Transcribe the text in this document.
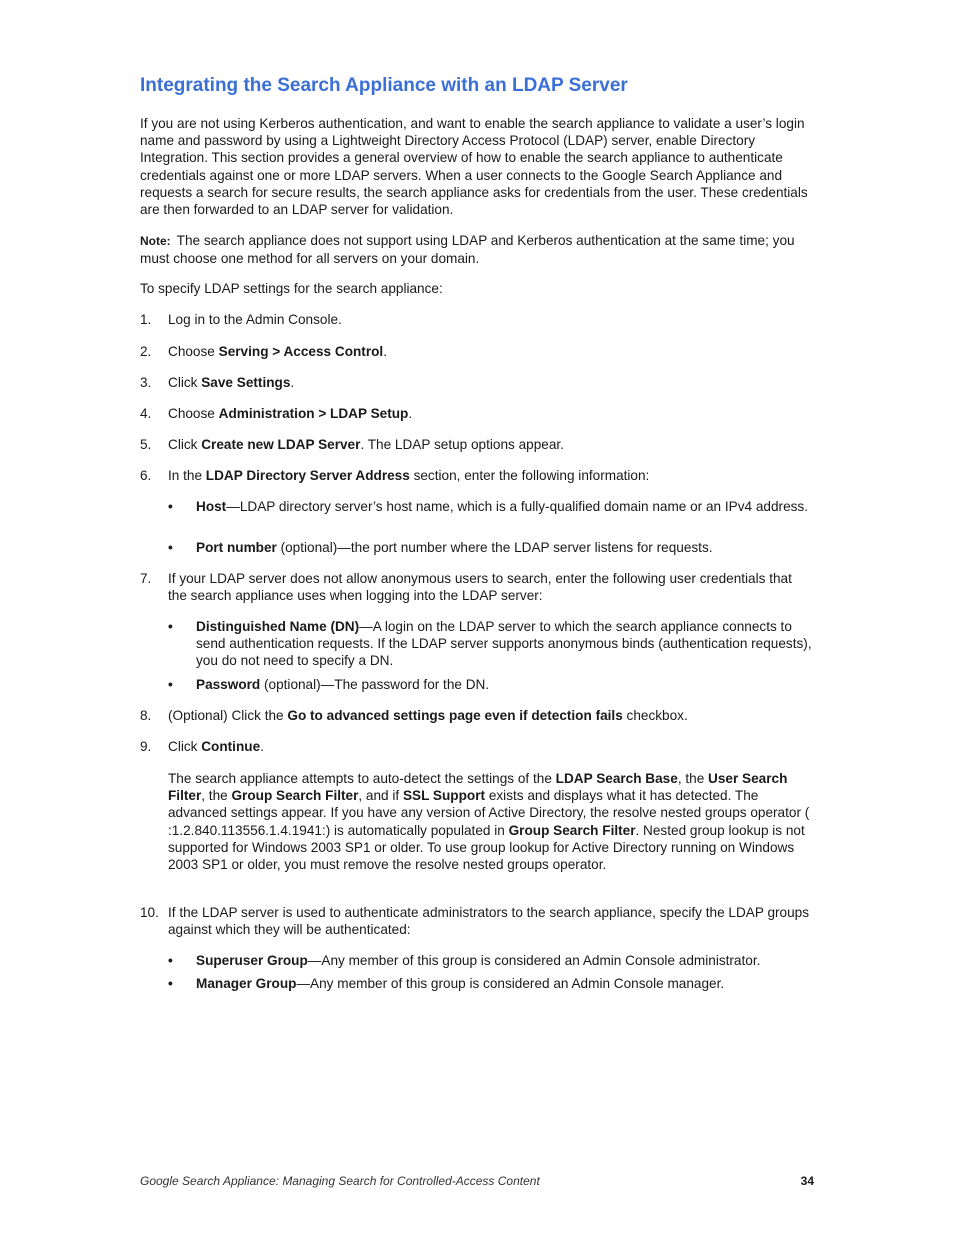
Integrating the Search Appliance with an LDAP Server

If you are not using Kerberos authentication, and want to enable the search appliance to validate a user’s login name and password by using a Lightweight Directory Access Protocol (LDAP) server, enable Directory Integration. This section provides a general overview of how to enable the search appliance to authenticate credentials against one or more LDAP servers. When a user connects to the Google Search Appliance and requests a search for secure results, the search appliance asks for credentials from the user. These credentials are then forwarded to an LDAP server for validation.

Note: The search appliance does not support using LDAP and Kerberos authentication at the same time; you must choose one method for all servers on your domain.

To specify LDAP settings for the search appliance:

1. Log in to the Admin Console.

2. Choose Serving > Access Control.

3. Click Save Settings.

4. Choose Administration > LDAP Setup.

5. Click Create new LDAP Server. The LDAP setup options appear.

6. In the LDAP Directory Server Address section, enter the following information:

• Host—LDAP directory server’s host name, which is a fully-qualified domain name or an IPv4 address.

• Port number (optional)—the port number where the LDAP server listens for requests.

7. If your LDAP server does not allow anonymous users to search, enter the following user credentials that the search appliance uses when logging into the LDAP server:

• Distinguished Name (DN)—A login on the LDAP server to which the search appliance connects to send authentication requests. If the LDAP server supports anonymous binds (authentication requests), you do not need to specify a DN.

• Password (optional)—The password for the DN.

8. (Optional) Click the Go to advanced settings page even if detection fails checkbox.

9. Click Continue.

The search appliance attempts to auto-detect the settings of the LDAP Search Base, the User Search Filter, the Group Search Filter, and if SSL Support exists and displays what it has detected. The advanced settings appear. If you have any version of Active Directory, the resolve nested groups operator ( :1.2.840.113556.1.4.1941:) is automatically populated in Group Search Filter. Nested group lookup is not supported for Windows 2003 SP1 or older. To use group lookup for Active Directory running on Windows 2003 SP1 or older, you must remove the resolve nested groups operator.

10. If the LDAP server is used to authenticate administrators to the search appliance, specify the LDAP groups against which they will be authenticated:

• Superuser Group—Any member of this group is considered an Admin Console administrator.

• Manager Group—Any member of this group is considered an Admin Console manager.

Google Search Appliance: Managing Search for Controlled-Access Content	34
